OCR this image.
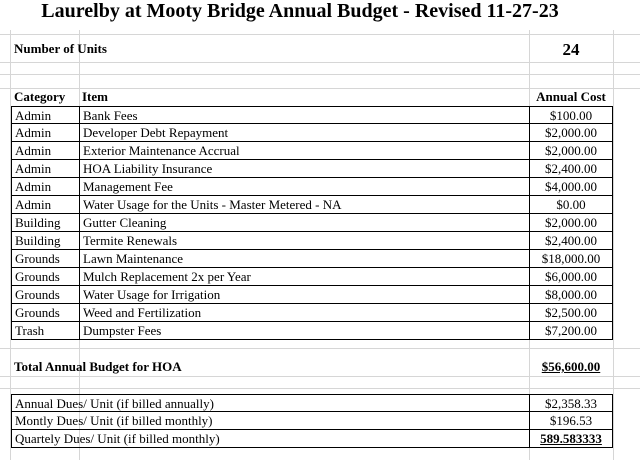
Laurelby at Mooty Bridge Annual Budget - Revised 11-27-23
Number of Units	24
Category	Item	Annual Cost
Admin	Bank Fees	$100.00
Admin	Developer Debt Repayment	$2,000.00
Admin	Exterior Maintenance Accrual	$2,000.00
Admin	HOA Liability Insurance	$2,400.00
Admin	Management Fee	$4,000.00
Admin	Water Usage for the Units - Master Metered - NA	$0.00
Building	Gutter Cleaning	$2,000.00
Building	Termite Renewals	$2,400.00
Grounds	Lawn Maintenance	$18,000.00
Grounds	Mulch Replacement 2x per Year	$6,000.00
Grounds	Water Usage for Irrigation	$8,000.00
Grounds	Weed and Fertilization	$2,500.00
Trash	Dumpster Fees	$7,200.00
Total Annual Budget for HOA	$56,600.00
Annual Dues/ Unit (if billed annually)	$2,358.33
Montly Dues/ Unit (if billed monthly)	$196.53
Quartely Dues/ Unit (if billed monthly)	589.583333
